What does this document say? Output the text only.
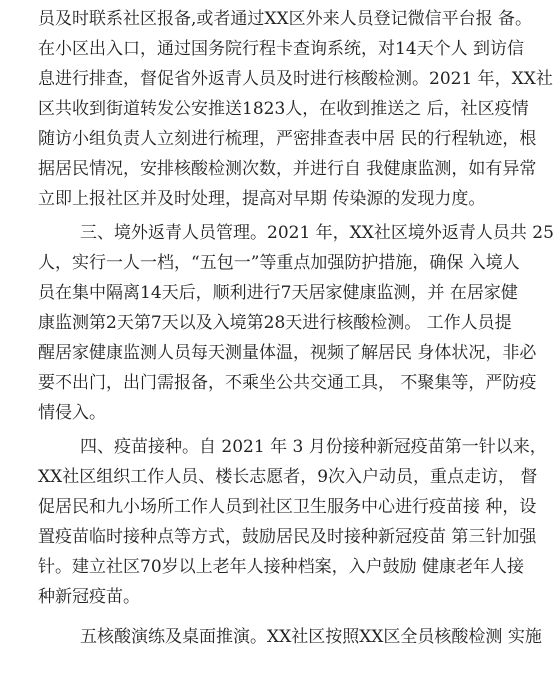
员及时联系社区报备,或者通过XX区外来人员登记微信平台报 备。
在小区出入口，通过国务院行程卡查询系统，对14天个人 到访信
息进行排查，督促省外返青人员及时进行核酸检测。2021 年，XX社
区共收到街道转发公安推送1823人，在收到推送之 后，社区疫情
随访小组负责人立刻进行梳理，严密排查表中居 民的行程轨迹，根
据居民情况，安排核酸检测次数，并进行自 我健康监测，如有异常
立即上报社区并及时处理，提高对早期 传染源的发现力度。
三、境外返青人员管理。2021 年，XX社区境外返青人员共 25
人，实行一人一档，“五包一”等重点加强防护措施，确保 入境人
员在集中隔离14天后，顺利进行7天居家健康监测，并 在居家健
康监测第2天第7天以及入境第28天进行核酸检测。 工作人员提
醒居家健康监测人员每天测量体温，视频了解居民 身体状况，非必
要不出门，出门需报备，不乘坐公共交通工具， 不聚集等，严防疫
情侵入。
四、疫苗接种。自 2021 年 3 月份接种新冠疫苗第一针以来，
XX社区组织工作人员、楼长志愿者，9次入户动员，重点走访， 督
促居民和九小场所工作人员到社区卫生服务中心进行疫苗接 种，设
置疫苗临时接种点等方式，鼓励居民及时接种新冠疫苗 第三针加强
针。建立社区70岁以上老年人接种档案，入户鼓励 健康老年人接
种新冠疫苗。
五核酸演练及桌面推演。XX社区按照XX区全员核酸检测 实施
